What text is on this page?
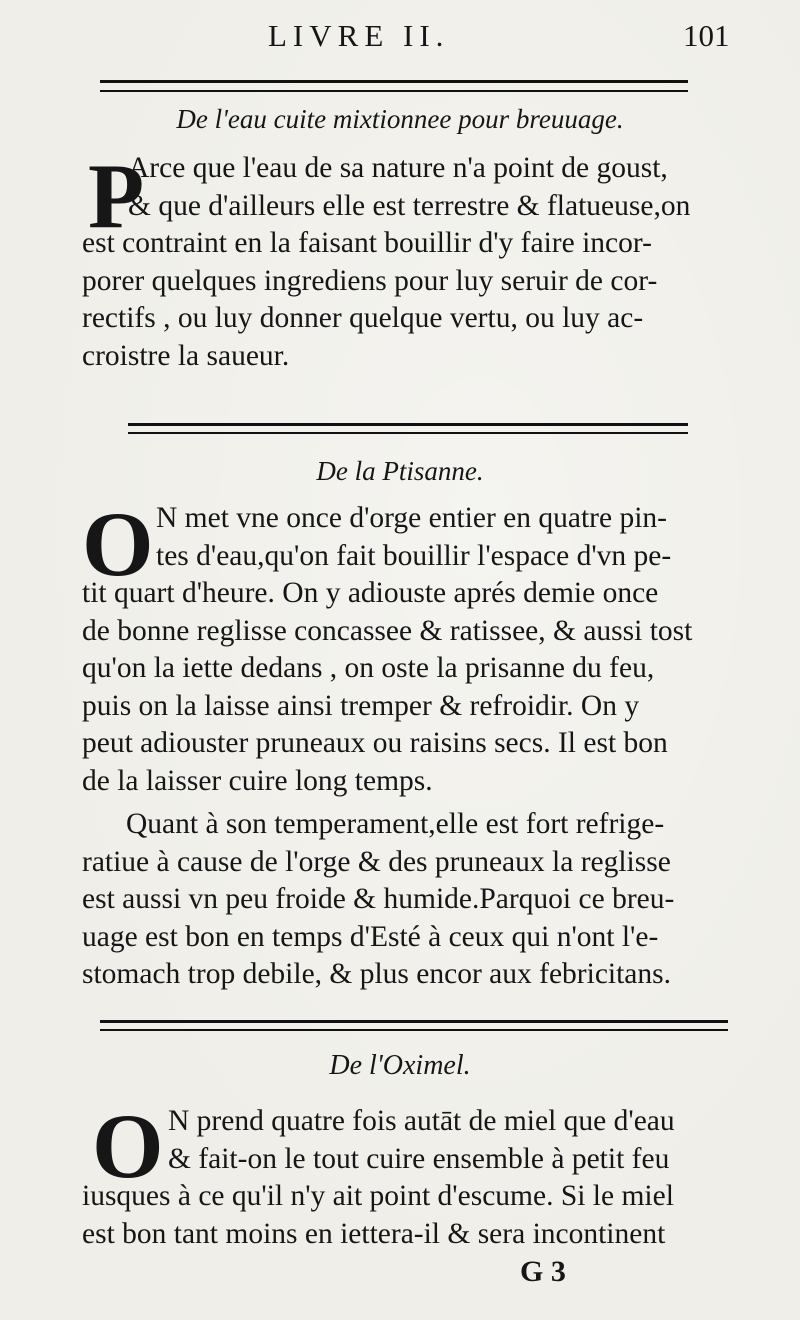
LIVRE II.	101
De l'eau cuite mixtionnee pour breuuage.
P
Arce que l'eau de sa nature n'a point de goust,
& que d'ailleurs elle est terrestre & flatueuse,on
est contraint en la faisant bouillir d'y faire incor-
porer quelques ingrediens pour luy seruir de cor-
rectifs , ou luy donner quelque vertu, ou luy ac-
croistre la saueur.
De la Ptisanne.
O N met vne once d'orge entier en quatre pin-
tes d'eau,qu'on fait bouillir l'espace d'vn pe-
tit quart d'heure. On y adiouste aprés demie once
de bonne reglisse concassee & ratissee, & aussi tost
qu'on la iette dedans , on oste la prisanne du feu,
puis on la laisse ainsi tremper & refroidir. On y
peut adiouster pruneaux ou raisins secs. Il est bon
de la laisser cuire long temps.
Quant à son temperament,elle est fort refrige-
ratiue à cause de l'orge & des pruneaux la reglisse
est aussi vn peu froide & humide.Parquoi ce breu-
uage est bon en temps d'Esté à ceux qui n'ont l'e-
stomach trop debile, & plus encor aux febricitans.
De l'Oximel.
O N prend quatre fois autāt de miel que d'eau
& fait-on le tout cuire ensemble à petit feu
iusques à ce qu'il n'y ait point d'escume. Si le miel
est bon tant moins en iettera-il & sera incontinent
G 3
